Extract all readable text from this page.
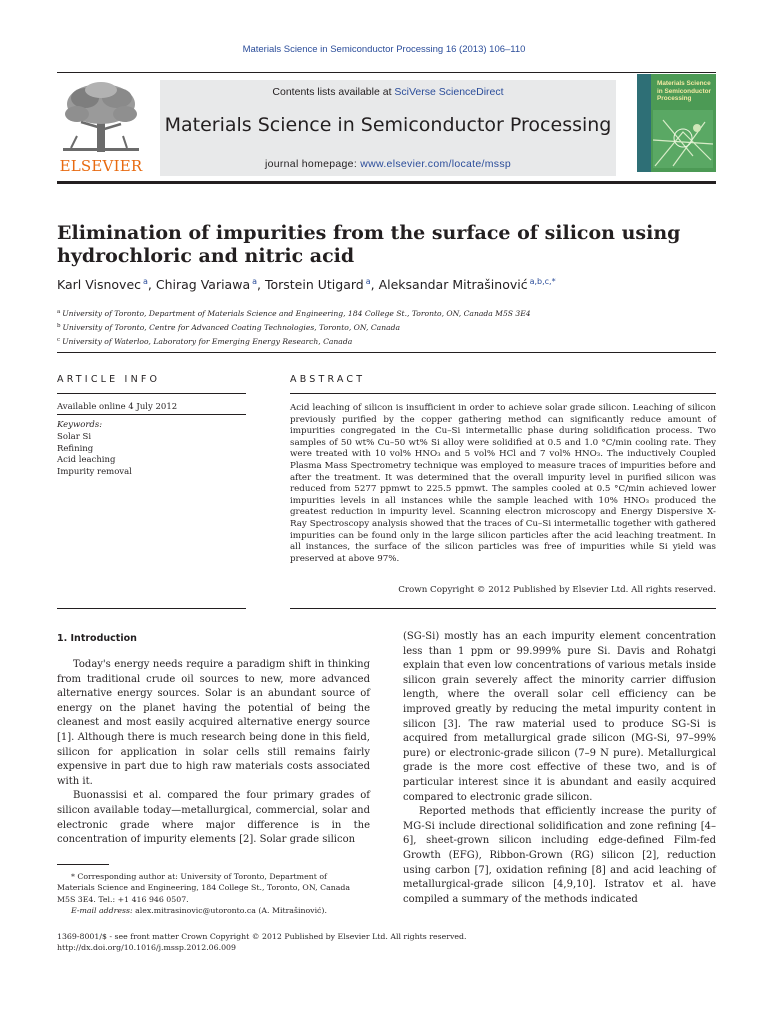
Materials Science in Semiconductor Processing 16 (2013) 106–110
ELSEVIER
Contents lists available at SciVerse ScienceDirect
Materials Science in Semiconductor Processing
journal homepage: www.elsevier.com/locate/mssp
Materials Science in Semiconductor Processing
Elimination of impurities from the surface of silicon using hydrochloric and nitric acid
Karl Visnovec $^a$, Chirag Variawa $^a$, Torstein Utigard $^a$, Aleksandar Mitrašinović $^{a,b,c,*}$
$^a$ University of Toronto, Department of Materials Science and Engineering, 184 College St., Toronto, ON, Canada M5S 3E4
$^b$ University of Toronto, Centre for Advanced Coating Technologies, Toronto, ON, Canada
$^c$ University of Waterloo, Laboratory for Emerging Energy Research, Canada
ARTICLE INFO	ABSTRACT
Available online 4 July 2012
Keywords:
Solar Si
Refining
Acid leaching
Impurity removal
Acid leaching of silicon is insufficient in order to achieve solar grade silicon. Leaching of silicon previously purified by the copper gathering method can significantly reduce amount of impurities congregated in the Cu–Si intermetallic phase during solidification process. Two samples of 50 wt% Cu–50 wt% Si alloy were solidified at 0.5 and 1.0 °C/min cooling rate. They were treated with 10 vol% HNO₃ and 5 vol% HCl and 7 vol% HNO₃. The inductively Coupled Plasma Mass Spectrometry technique was employed to measure traces of impurities before and after the treatment. It was determined that the overall impurity level in purified silicon was reduced from 5277 ppmwt to 225.5 ppmwt. The samples cooled at 0.5 °C/min achieved lower impurities levels in all instances while the sample leached with 10% HNO₃ produced the greatest reduction in impurity level. Scanning electron microscopy and Energy Dispersive X-Ray Spectroscopy analysis showed that the traces of Cu–Si intermetallic together with gathered impurities can be found only in the large silicon particles after the acid leaching treatment. In all instances, the surface of the silicon particles was free of impurities while Si yield was preserved at above 97%.
Crown Copyright © 2012 Published by Elsevier Ltd. All rights reserved.
1. Introduction

Today's energy needs require a paradigm shift in thinking from traditional crude oil sources to new, more advanced alternative energy sources. Solar is an abundant source of energy on the planet having the potential of being the cleanest and most easily acquired alternative energy source [1]. Although there is much research being done in this field, silicon for application in solar cells still remains fairly expensive in part due to high raw materials costs associated with it.

Buonassisi et al. compared the four primary grades of silicon available today—metallurgical, commercial, solar and electronic grade where major difference is in the concentration of impurity elements [2]. Solar grade silicon

(SG-Si) mostly has an each impurity element concentration less than 1 ppm or 99.999% pure Si. Davis and Rohatgi explain that even low concentrations of various metals inside silicon grain severely affect the minority carrier diffusion length, where the overall solar cell efficiency can be improved greatly by reducing the metal impurity content in silicon [3]. The raw material used to produce SG-Si is acquired from metallurgical grade silicon (MG-Si, 97–99% pure) or electronic-grade silicon (7–9 N pure). Metallurgical grade is the more cost effective of these two, and is of particular interest since it is abundant and easily acquired compared to electronic grade silicon.

Reported methods that efficiently increase the purity of MG-Si include directional solidification and zone refining [4–6], sheet-grown silicon including edge-defined Film-fed Growth (EFG), Ribbon-Grown (RG) silicon [2], reduction using carbon [7], oxidation refining [8] and acid leaching of metallurgical-grade silicon [4,9,10]. Istratov et al. have compiled a summary of the methods indicated

* Corresponding author at: University of Toronto, Department of Materials Science and Engineering, 184 College St., Toronto, ON, Canada M5S 3E4. Tel.: +1 416 946 0507.
E-mail address: alex.mitrasinovic@utoronto.ca (A. Mitrašinović).
1369-8001/$ - see front matter Crown Copyright © 2012 Published by Elsevier Ltd. All rights reserved.
http://dx.doi.org/10.1016/j.mssp.2012.06.009
